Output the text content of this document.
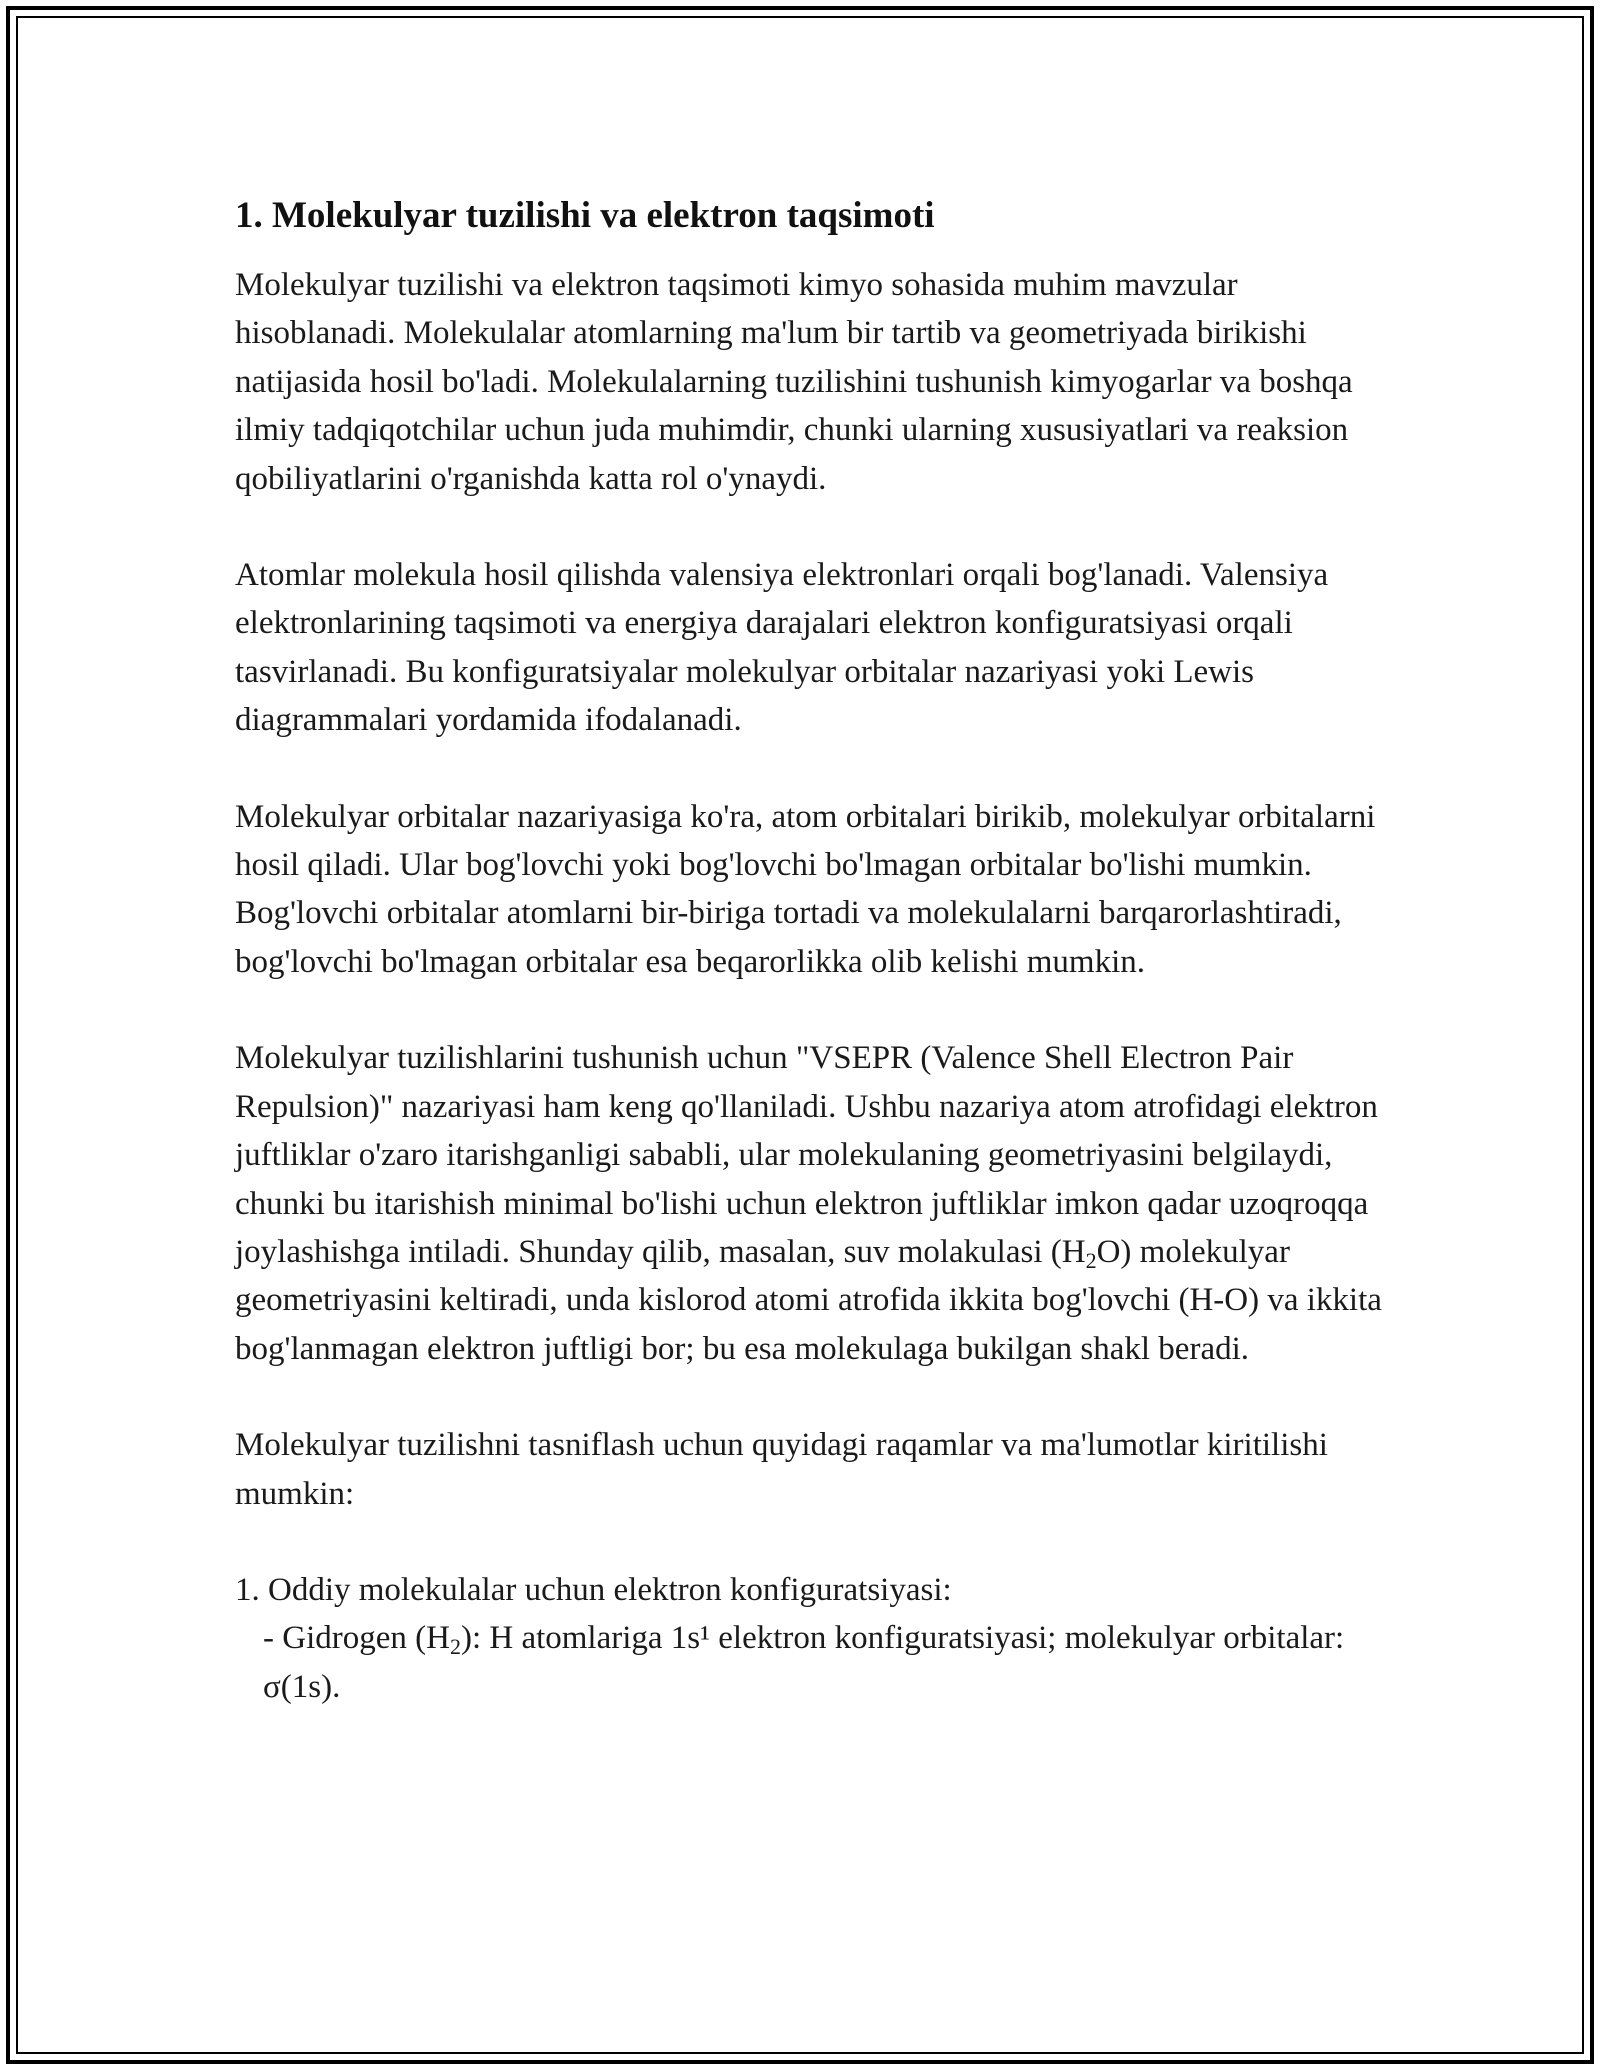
1. Molekulyar tuzilishi va elektron taqsimoti

Molekulyar tuzilishi va elektron taqsimoti kimyo sohasida muhim mavzular hisoblanadi. Molekulalar atomlarning ma'lum bir tartib va geometriyada birikishi natijasida hosil bo'ladi. Molekulalarning tuzilishini tushunish kimyogarlar va boshqa ilmiy tadqiqotchilar uchun juda muhimdir, chunki ularning xususiyatlari va reaksion qobiliyatlarini o'rganishda katta rol o'ynaydi.

Atomlar molekula hosil qilishda valensiya elektronlari orqali bog'lanadi. Valensiya elektronlarining taqsimoti va energiya darajalari elektron konfiguratsiyasi orqali tasvirlanadi. Bu konfiguratsiyalar molekulyar orbitalar nazariyasi yoki Lewis diagrammalari yordamida ifodalanadi.

Molekulyar orbitalar nazariyasiga ko'ra, atom orbitalari birikib, molekulyar orbitalarni hosil qiladi. Ular bog'lovchi yoki bog'lovchi bo'lmagan orbitalar bo'lishi mumkin. Bog'lovchi orbitalar atomlarni bir-biriga tortadi va molekulalarni barqarorlashtiradi, bog'lovchi bo'lmagan orbitalar esa beqarorlikka olib kelishi mumkin.

Molekulyar tuzilishlarini tushunish uchun "VSEPR (Valence Shell Electron Pair Repulsion)" nazariyasi ham keng qo'llaniladi. Ushbu nazariya atom atrofidagi elektron juftliklar o'zaro itarishganligi sababli, ular molekulaning geometriyasini belgilaydi, chunki bu itarishish minimal bo'lishi uchun elektron juftliklar imkon qadar uzoqroqqa joylashishga intiladi. Shunday qilib, masalan, suv molakulasi $(H_2O)$ molekulyar geometriyasini keltiradi, unda kislorod atomi atrofida ikkita bog'lovchi (H-O) va ikkita bog'lanmagan elektron juftligi bor; bu esa molekulaga bukilgan shakl beradi.

Molekulyar tuzilishni tasniflash uchun quyidagi raqamlar va ma'lumotlar kiritilishi mumkin:

1. Oddiy molekulalar uchun elektron konfiguratsiyasi:
- Gidrogen $(H_2)$: H atomlariga 1s¹ elektron konfiguratsiyasi; molekulyar orbitalar: σ(1s).
